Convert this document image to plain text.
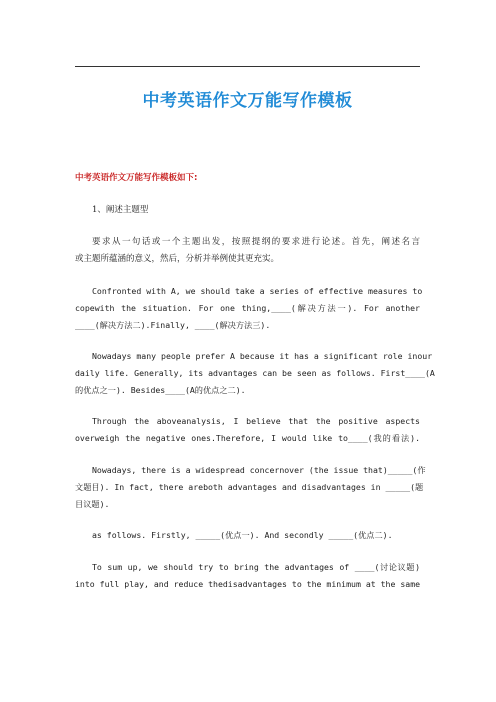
中考英语作文万能写作模板
中考英语作文万能写作模板如下:
1、阐述主题型
要求从一句话或一个主题出发，按照提纲的要求进行论述。首先，阐述名言
或主题所蕴涵的意义，然后，分析并举例使其更充实。
Confronted with A, we should take a series of effective measures to
copewith the situation. For one thing,____(解决方法一). For another
____(解决方法二).Finally, ____(解决方法三).
Nowadays many people prefer A because it has a significant role inour
daily life. Generally, its advantages can be seen as follows. First____(A
的优点之一). Besides____(A的优点之二).
Through the aboveanalysis, I believe that the positive aspects
overweigh the negative ones.Therefore, I would like to____(我的看法).
Nowadays, there is a widespread concernover (the issue that)_____(作
文题目). In fact, there areboth advantages and disadvantages in _____(题
目议题).
as follows. Firstly, _____(优点一). And secondly _____(优点二).
To sum up, we should try to bring the advantages of ____(讨论议题)
into full play, and reduce thedisadvantages to the minimum at the same
